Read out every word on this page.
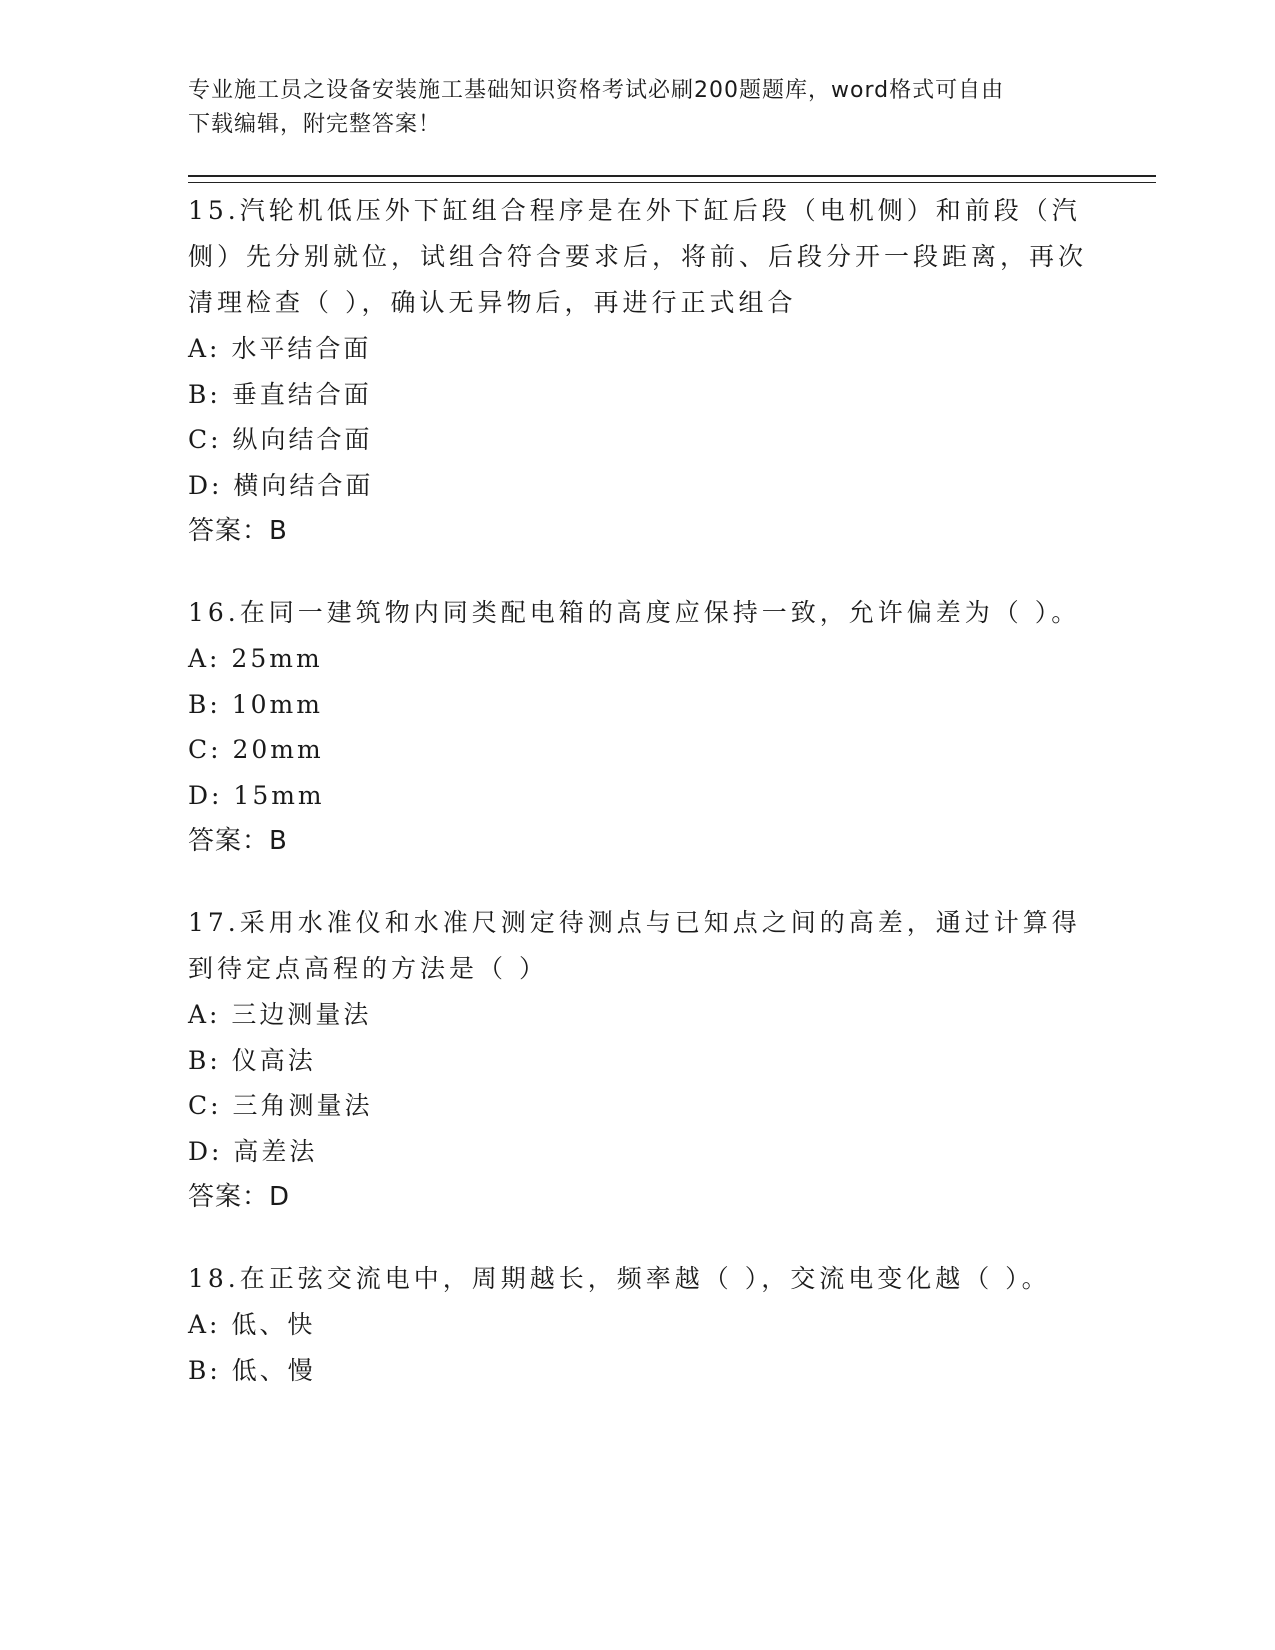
专业施工员之设备安装施工基础知识资格考试必刷200题题库，word格式可自由
下载编辑，附完整答案！
15.汽轮机低压外下缸组合程序是在外下缸后段（电机侧）和前段（汽侧）先分别就位，试组合符合要求后，将前、后段分开一段距离，再次清理检查（ ），确认无异物后，再进行正式组合
A: 水平结合面
B: 垂直结合面
C: 纵向结合面
D: 横向结合面
答案：B
16.在同一建筑物内同类配电箱的高度应保持一致，允许偏差为（ ）。
A: 25mm
B: 10mm
C: 20mm
D: 15mm
答案：B
17.采用水准仪和水准尺测定待测点与已知点之间的高差，通过计算得到待定点高程的方法是（ ）
A: 三边测量法
B: 仪高法
C: 三角测量法
D: 高差法
答案：D
18.在正弦交流电中，周期越长，频率越（ ），交流电变化越（ ）。
A: 低、快
B: 低、慢
